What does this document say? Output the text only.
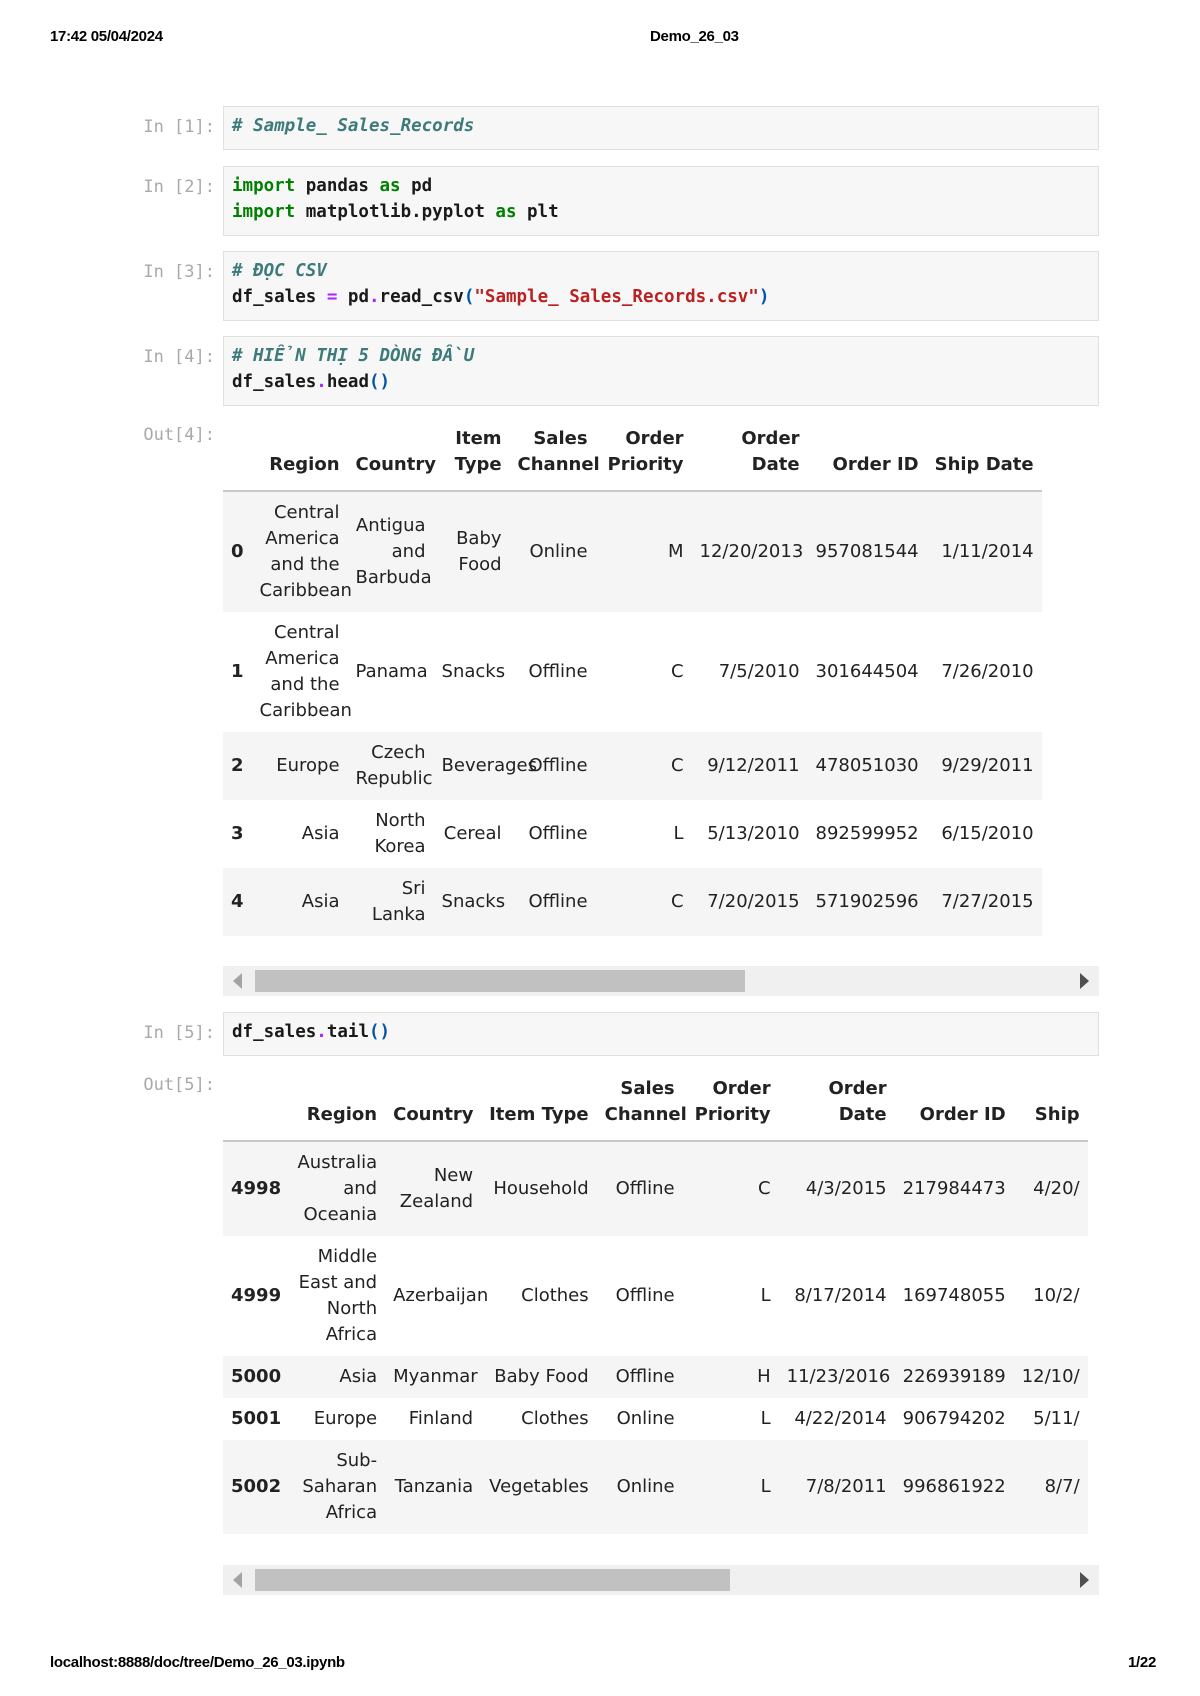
17:42 05/04/2024	Demo_26_03
In [1]: # Sample_ Sales_Records
In [2]: import pandas as pd
import matplotlib.pyplot as plt
In [3]: # ĐỌC CSV
df_sales = pd.read_csv("Sample_ Sales_Records.csv")
In [4]: # HIỂN THỊ 5 DÒNG ĐẦU
df_sales.head()
Out[4]:
	Region	Country	Item Type	Sales Channel	Order Priority	Order Date	Order ID	Ship Date
0	Central America and the Caribbean	Antigua and Barbuda	Baby Food	Online	M	12/20/2013	957081544	1/11/2014
1	Central America and the Caribbean	Panama	Snacks	Offline	C	7/5/2010	301644504	7/26/2010
2	Europe	Czech Republic	Beverages	Offline	C	9/12/2011	478051030	9/29/2011
3	Asia	North Korea	Cereal	Offline	L	5/13/2010	892599952	6/15/2010
4	Asia	Sri Lanka	Snacks	Offline	C	7/20/2015	571902596	7/27/2015
In [5]: df_sales.tail()
Out[5]:
	Region	Country	Item Type	Sales Channel	Order Priority	Order Date	Order ID	Ship
4998	Australia and Oceania	New Zealand	Household	Offline	C	4/3/2015	217984473	4/20/
4999	Middle East and North Africa	Azerbaijan	Clothes	Offline	L	8/17/2014	169748055	10/2/
5000	Asia	Myanmar	Baby Food	Offline	H	11/23/2016	226939189	12/10/
5001	Europe	Finland	Clothes	Online	L	4/22/2014	906794202	5/11/
5002	Sub-Saharan Africa	Tanzania	Vegetables	Online	L	7/8/2011	996861922	8/7/
localhost:8888/doc/tree/Demo_26_03.ipynb	1/22
